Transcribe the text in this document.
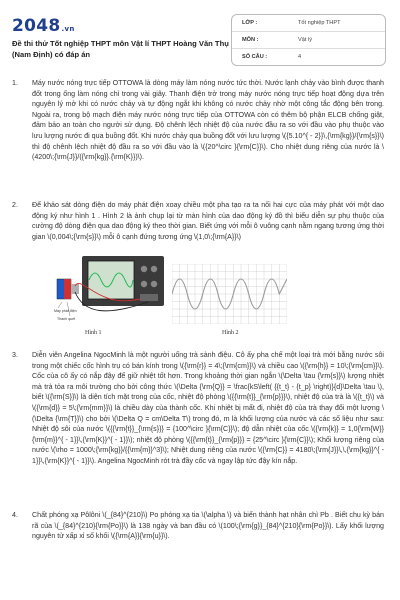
2048.vn
Đề thi thử Tốt nghiệp THPT môn Vật lí THPT Hoàng Văn Thụ (Nam Định) có đáp án
LỚP :	Tốt nghiệp THPT
MÔN :	Vật lý
SỐ CÂU :	4
1.	Máy nước nóng trực tiếp OTTOWA là dòng máy làm nóng nước tức thời. Nước lạnh chảy vào bình được thanh đốt trong ống làm nóng chỉ trong vài giây. Thanh điện trở trong máy nước nóng trực tiếp hoạt động dựa trên nguyên lý mở khi có nước chảy và tự động ngắt khi không có nước chảy nhờ một công tắc động bên trong. Ngoài ra, trong bộ mạch điện máy nước nóng trực tiếp của OTTOWA còn có thêm bộ phận ELCB chống giật, đảm bảo an toàn cho người sử dụng. Độ chênh lệch nhiệt độ của nước đầu ra so với đầu vào phụ thuộc vào lưu lượng nước đi qua buồng đốt. Khi nước chảy qua buồng đốt với lưu lượng \({5.10^{ - 2}}\,{\rm{kg}}/{\rm{s}}\) thì độ chênh lệch nhiệt độ đầu ra so với đầu vào là \({20^\circ }{\rm{C}}\). Cho nhiệt dung riêng của nước là \(4200\;{\rm{J}}/({\rm{kg}}.{\rm{K}})\).
2.	Để khảo sát dòng điện do máy phát điện xoay chiều một pha tạo ra ta nối hai cực của máy phát với một dao động ký như hình 1 . Hình 2 là ảnh chụp lại từ màn hình của dao động ký đồ thì biểu diễn sự phụ thuộc của cường độ dòng điện qua dao động ký theo thời gian. Biết ứng với mỗi ô vuông cạnh nằm ngang tương ứng thời gian \(0,004\;{\rm{s}}\) mỗi ô cạnh đứng tương ứng \(1,0\;{\rm{A}}\)
Máy phát điện
Thanh quét
Hình 1	Hình 2
3.	Diễn viên Angelina NgocMinh là một người uống trà sành điệu. Cô ấy pha chế một loại trà mới bằng nước sôi trong một chiếc cốc hình trụ có bán kính trong \({\rm{r}} = 4\;{\rm{cm}}\) và chiều cao \({\rm{h}} = 10\;{\rm{cm}}\). Cốc của cô ấy có nắp đậy để giữ nhiệt tốt hơn. Trong khoảng thời gian ngắn \(\Delta \tau {\rm{s}}\) lượng nhiệt mà trà tỏa ra môi trường cho bởi công thức \(\Delta {\rm{Q}} = \frac{kS\left( {{t_t} - {t_p} \right)}{d}\Delta \tau \), biết \({\rm{S}}\) là diện tích mặt trong của cốc, nhiệt độ phòng \({{\rm{t}}_{\rm{p}}}\), nhiệt độ của trà là \({t_t}\) và \({\rm{d}} = 5\;{\rm{mm}}\) là chiều dày của thành cốc. Khi nhiệt bị mất đi, nhiệt độ của trà thay đổi một lượng \(\Delta {\rm{T}}\) cho bởi \(\Delta Q = cm\Delta T\) trong đó, m là khối lượng của nước và các số liệu như sau: Nhiệt độ sôi của nước \({{\rm{t}}_{\rm{s}}} = {100^\circ }{\rm{C}}\); độ dẫn nhiệt của cốc \({\rm{k}} = 1,0{\rm{W}}{\rm{m}}^{ - 1}}\,{\rm{K}}^{ - 1}}\); nhiệt độ phòng \({{\rm{t}}_{\rm{p}}} = {25^\circ }{\rm{C}}\); Khối lượng riêng của nước \(\rho = 1000\;{\rm{kg}}/{{\rm{m}}^3}\); Nhiệt dung riêng của nước \({\rm{C}} = 4180\;{\rm{J}}\,\,{\rm{kg}}^{ - 1}}\,{\rm{K}}^{ - 1}}\). Angelina NgocMinh rót trà đầy cốc và ngay lập tức đậy kín nắp.
4.	Chất phóng xạ Pôlôni \(_{84}^{210}\) Po phóng xạ tia \(\alpha \) và biến thành hạt nhân chì Pb . Biết chu kỳ bán rã của \(_{84}^{210}{\rm{Po}}\) là 138 ngày và ban đầu có \(100\;{\rm{g}}_{84}^{210}{\rm{Po}}\). Lấy khối lượng nguyên tử xấp xỉ số khối \({\rm{A}}{\rm{u}}\).
